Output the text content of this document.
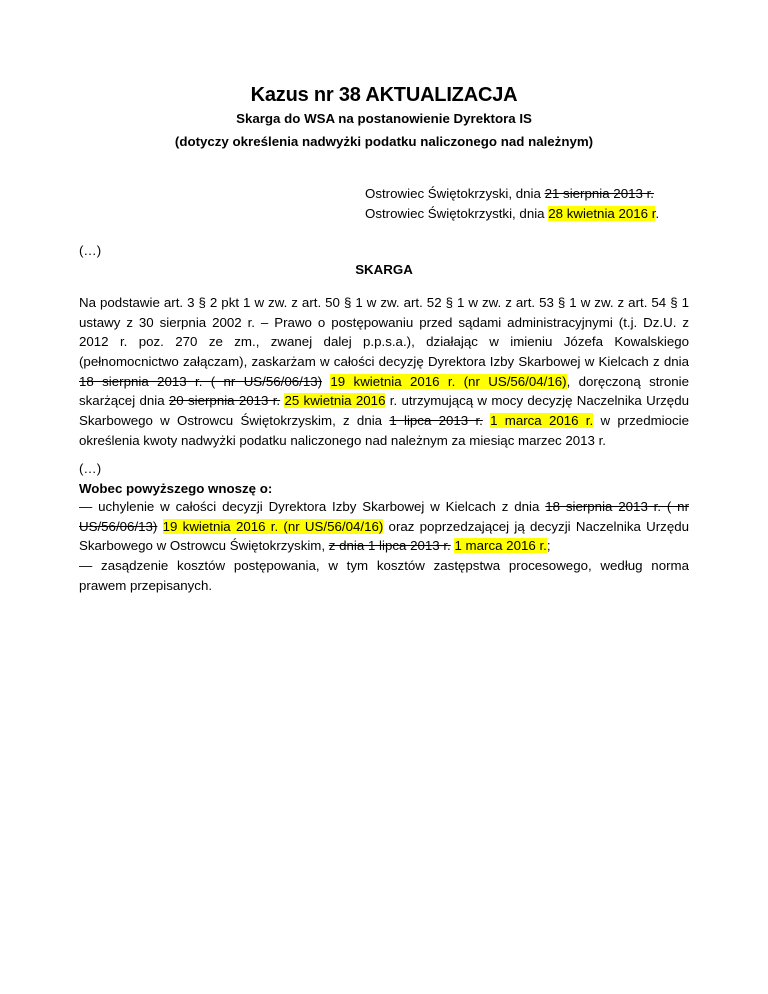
Kazus nr 38 AKTUALIZACJA
Skarga do WSA na postanowienie Dyrektora IS
(dotyczy określenia nadwyżki podatku naliczonego nad należnym)
Ostrowiec Świętokrzyski, dnia 21 sierpnia 2013 r.
Ostrowiec Świętokrzystki, dnia 28 kwietnia 2016 r.
(…)
SKARGA
Na podstawie art. 3 § 2 pkt 1 w zw. z art. 50 § 1 w zw. art. 52 § 1 w zw. z art. 53 § 1 w zw. z art. 54 § 1
ustawy z 30 sierpnia 2002 r. – Prawo o postępowaniu przed sądami administracyjnymi (t.j. Dz.U. z
2012 r. poz. 270 ze zm., zwanej dalej p.p.s.a.), działając w imieniu Józefa Kowalskiego
(pełnomocnictwo załączam), zaskarżam w całości decyzję Dyrektora Izby Skarbowej w Kielcach z dnia
18 sierpnia 2013 r. ( nr US/56/06/13) 19 kwietnia 2016 r. (nr US/56/04/16), doręczoną stronie
skarżącej dnia 20 sierpnia 2013 r. 25 kwietnia 2016 r. utrzymującą w mocy decyzję Naczelnika Urzędu
Skarbowego w Ostrowcu Świętokrzyskim, z dnia 1 lipca 2013 r. 1 marca 2016 r. w przedmiocie
określenia kwoty nadwyżki podatku naliczonego nad należnym za miesiąc marzec 2013 r.
(…)
Wobec powyższego wnoszę o:
— uchylenie w całości decyzji Dyrektora Izby Skarbowej w Kielcach z dnia 18 sierpnia 2013 r. ( nr
US/56/06/13) 19 kwietnia 2016 r. (nr US/56/04/16) oraz poprzedzającej ją decyzji Naczelnika Urzędu
Skarbowego w Ostrowcu Świętokrzyskim, z dnia 1 lipca 2013 r. 1 marca 2016 r.;
— zasądzenie kosztów postępowania, w tym kosztów zastępstwa procesowego, według norma
prawem przepisanych.
